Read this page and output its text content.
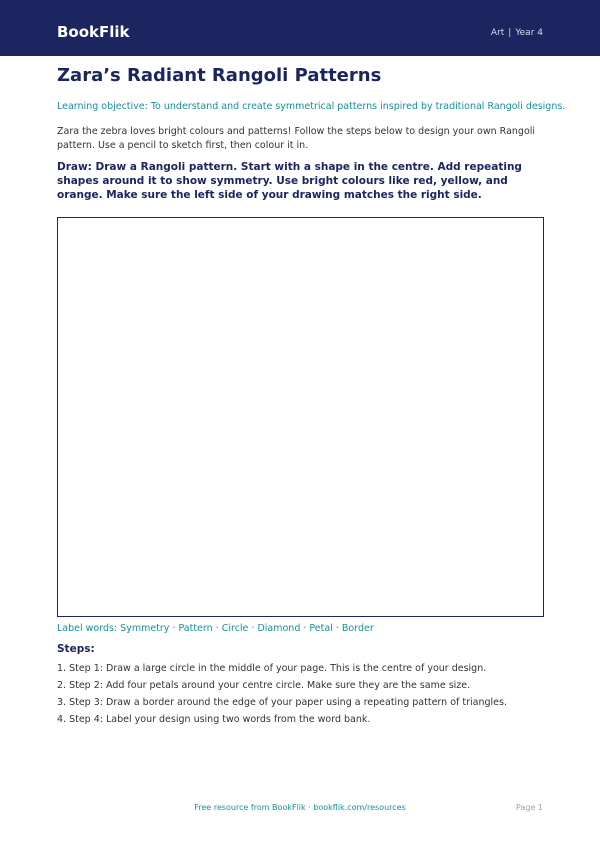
BookFlik	Art | Year 4
Zara’s Radiant Rangoli Patterns

Learning objective: To understand and create symmetrical patterns inspired by traditional Rangoli designs.

Zara the zebra loves bright colours and patterns! Follow the steps below to design your own Rangoli pattern. Use a pencil to sketch first, then colour it in.

Draw: Draw a Rangoli pattern. Start with a shape in the centre. Add repeating shapes around it to show symmetry. Use bright colours like red, yellow, and orange. Make sure the left side of your drawing matches the right side.

Label words: Symmetry · Pattern · Circle · Diamond · Petal · Border

Steps:
1. Step 1: Draw a large circle in the middle of your page. This is the centre of your design.
2. Step 2: Add four petals around your centre circle. Make sure they are the same size.
3. Step 3: Draw a border around the edge of your paper using a repeating pattern of triangles.
4. Step 4: Label your design using two words from the word bank.
Free resource from BookFlik · bookflik.com/resources	Page 1
